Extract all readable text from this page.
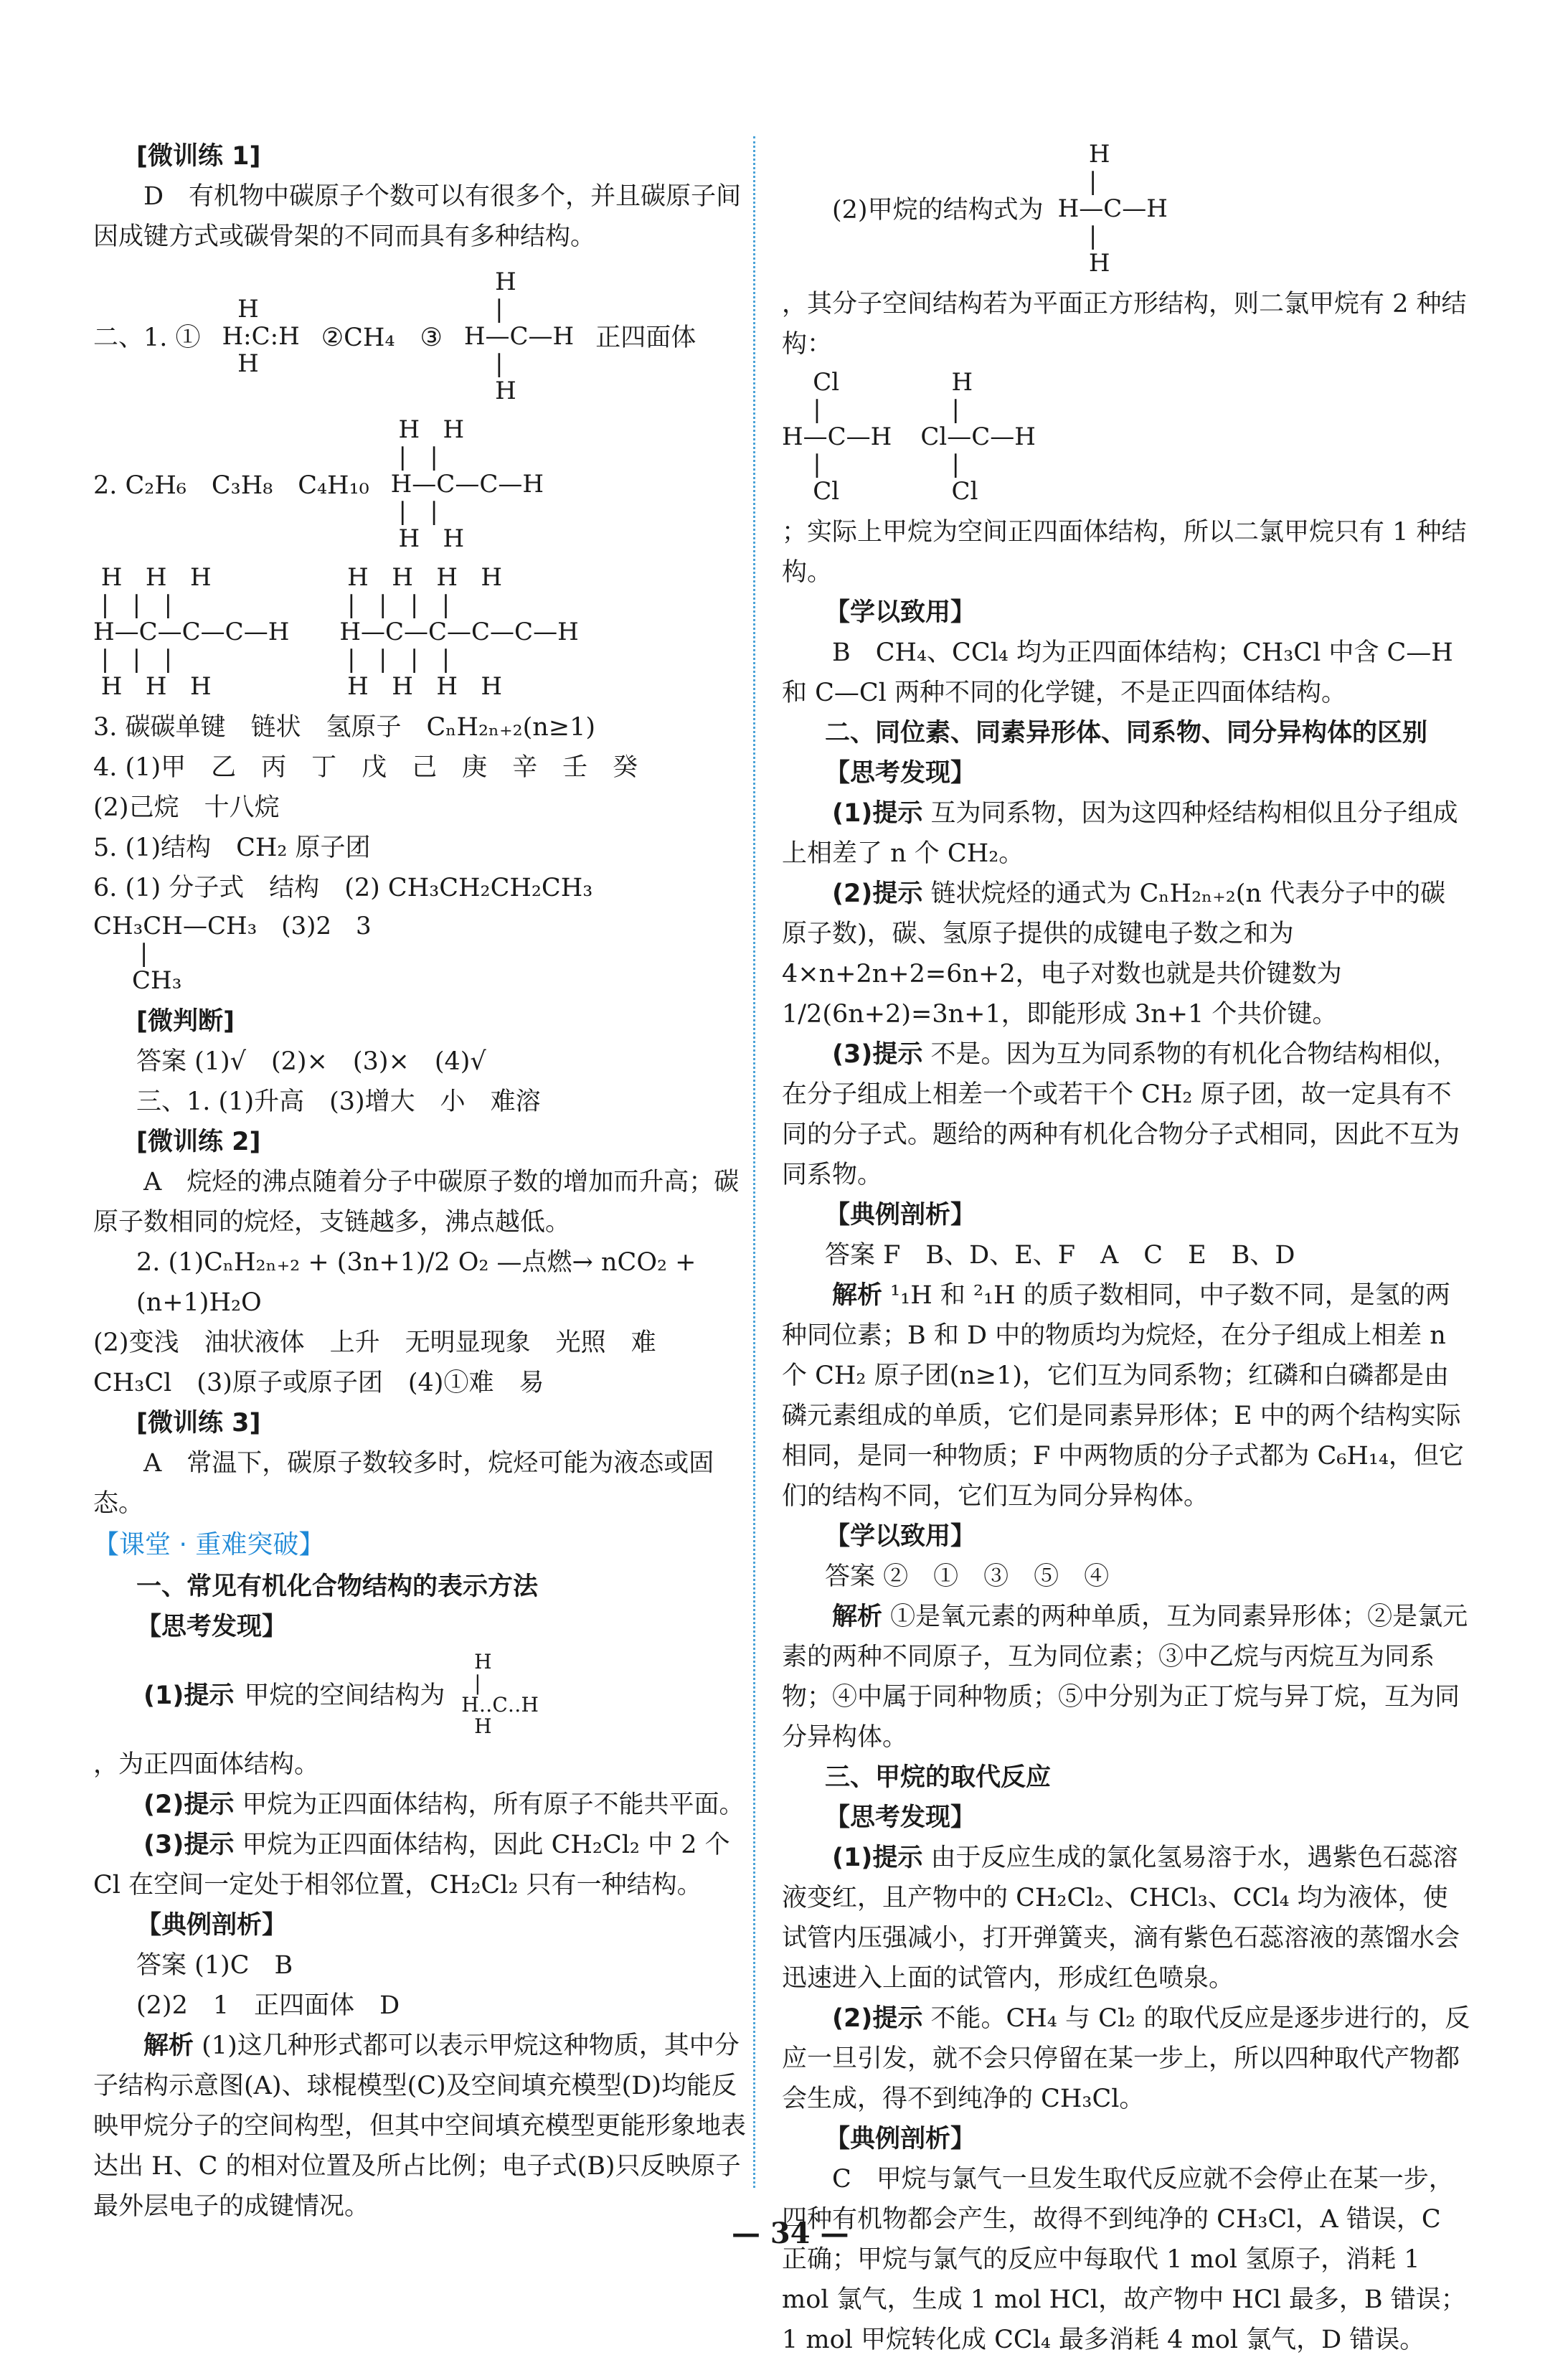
[微训练 1]

D　有机物中碳原子个数可以有很多个，并且碳原子间因成键方式或碳骨架的不同而具有多种结构。

二、1. ①
H
H:C:H
H
②CH₄　③
H
|
H—C—H
|
H
正四面体
2. C₂H₆　C₃H₈　C₄H₁₀
H   H
|   |
H—C—C—H
|   |
H   H
H   H   H
|   |   |
H—C—C—C—H
|   |   |
H   H   H
H   H   H   H
|   |   |   |
H—C—C—C—C—H
|   |   |   |
H   H   H   H

3. 碳碳单键　链状　氢原子　CₙH₂ₙ₊₂(n≥1)

4. (1)甲　乙　丙　丁　戊　己　庚　辛　壬　癸

(2)己烷　十八烷

5. (1)结构　CH₂ 原子团

6. (1) 分子式　结构　(2) CH₃CH₂CH₂CH₃

CH₃CH—CH₃　(3)2　3
|
CH₃

[微判断]

答案 (1)√　(2)×　(3)×　(4)√

三、1. (1)升高　(3)增大　小　难溶

[微训练 2]

A　烷烃的沸点随着分子中碳原子数的增加而升高；碳原子数相同的烷烃，支链越多，沸点越低。

2. (1)CₙH₂ₙ₊₂ + (3n+1)/2 O₂ —点燃→ nCO₂ + (n+1)H₂O

(2)变浅　油状液体　上升　无明显现象　光照　难　CH₃Cl　(3)原子或原子团　(4)①难　易

[微训练 3]

A　常温下，碳原子数较多时，烷烃可能为液态或固态。

【课堂 · 重难突破】

一、常见有机化合物结构的表示方法

【思考发现】

(1)提示 甲烷的空间结构为
H
|
H‥C‥H
H

，为正四面体结构。

(2)提示 甲烷为正四面体结构，所有原子不能共平面。

(3)提示 甲烷为正四面体结构，因此 CH₂Cl₂ 中 2 个 Cl 在空间一定处于相邻位置，CH₂Cl₂ 只有一种结构。

【典例剖析】

答案 (1)C　B

(2)2　1　正四面体　D

解析 (1)这几种形式都可以表示甲烷这种物质，其中分子结构示意图(A)、球棍模型(C)及空间填充模型(D)均能反映甲烷分子的空间构型，但其中空间填充模型更能形象地表达出 H、C 的相对位置及所占比例；电子式(B)只反映原子最外层电子的成键情况。

(2)甲烷的结构式为
H
|
H—C—H
|
H

，其分子空间结构若为平面正方形结构，则二氯甲烷有 2 种结构：

Cl
|
H—C—H
|
Cl
H
|
Cl—C—H
|
Cl

；实际上甲烷为空间正四面体结构，所以二氯甲烷只有 1 种结构。

【学以致用】

B　CH₄、CCl₄ 均为正四面体结构；CH₃Cl 中含 C—H 和 C—Cl 两种不同的化学键，不是正四面体结构。

二、同位素、同素异形体、同系物、同分异构体的区别

【思考发现】

(1)提示 互为同系物，因为这四种烃结构相似且分子组成上相差了 n 个 CH₂。

(2)提示 链状烷烃的通式为 CₙH₂ₙ₊₂(n 代表分子中的碳原子数)，碳、氢原子提供的成键电子数之和为 4×n+2n+2=6n+2，电子对数也就是共价键数为 1/2(6n+2)=3n+1，即能形成 3n+1 个共价键。

(3)提示 不是。因为互为同系物的有机化合物结构相似，在分子组成上相差一个或若干个 CH₂ 原子团，故一定具有不同的分子式。题给的两种有机化合物分子式相同，因此不互为同系物。

【典例剖析】

答案 F　B、D、E、F　A　C　E　B、D

解析 ¹₁H 和 ²₁H 的质子数相同，中子数不同，是氢的两种同位素；B 和 D 中的物质均为烷烃，在分子组成上相差 n 个 CH₂ 原子团(n≥1)，它们互为同系物；红磷和白磷都是由磷元素组成的单质，它们是同素异形体；E 中的两个结构实际相同，是同一种物质；F 中两物质的分子式都为 C₆H₁₄，但它们的结构不同，它们互为同分异构体。

【学以致用】

答案 ②　①　③　⑤　④

解析 ①是氧元素的两种单质，互为同素异形体；②是氯元素的两种不同原子，互为同位素；③中乙烷与丙烷互为同系物；④中属于同种物质；⑤中分别为正丁烷与异丁烷，互为同分异构体。

三、甲烷的取代反应

【思考发现】

(1)提示 由于反应生成的氯化氢易溶于水，遇紫色石蕊溶液变红，且产物中的 CH₂Cl₂、CHCl₃、CCl₄ 均为液体，使试管内压强减小，打开弹簧夹，滴有紫色石蕊溶液的蒸馏水会迅速进入上面的试管内，形成红色喷泉。

(2)提示 不能。CH₄ 与 Cl₂ 的取代反应是逐步进行的，反应一旦引发，就不会只停留在某一步上，所以四种取代产物都会生成，得不到纯净的 CH₃Cl。

【典例剖析】

C　甲烷与氯气一旦发生取代反应就不会停止在某一步，四种有机物都会产生，故得不到纯净的 CH₃Cl，A 错误，C 正确；甲烷与氯气的反应中每取代 1 mol 氢原子，消耗 1 mol 氯气，生成 1 mol HCl，故产物中 HCl 最多，B 错误；1 mol 甲烷转化成 CCl₄ 最多消耗 4 mol 氯气，D 错误。

— 34 —
